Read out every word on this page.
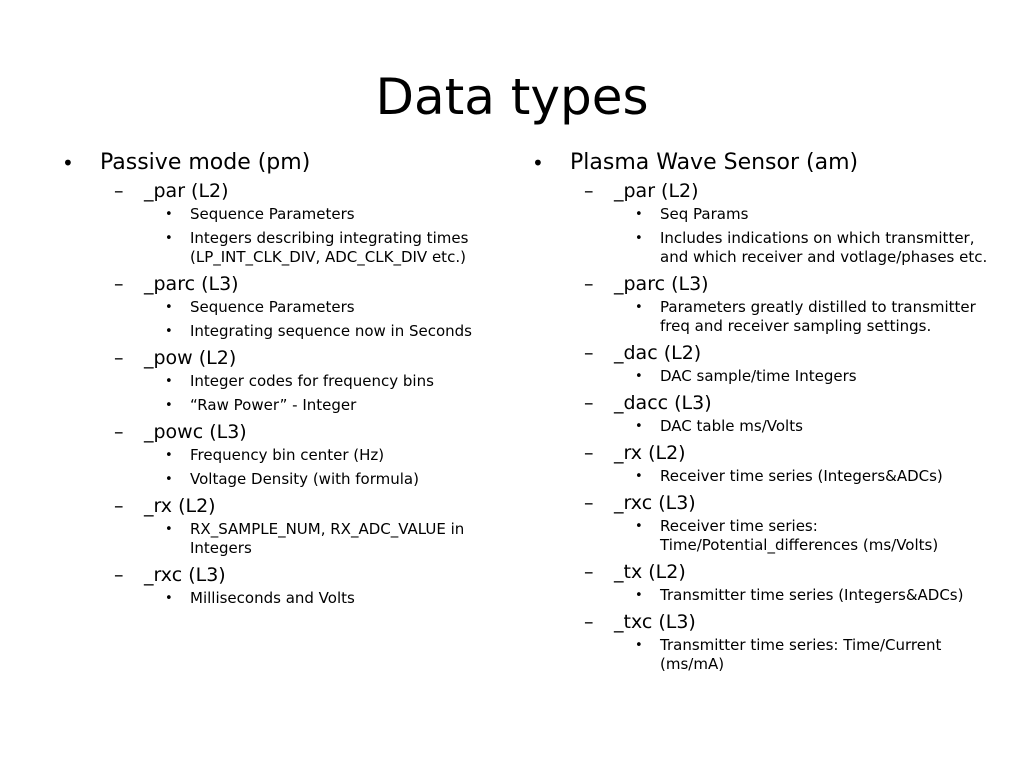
Data types
• Passive mode (pm)
– _par (L2)
• Sequence Parameters
• Integers describing integrating times (LP_INT_CLK_DIV, ADC_CLK_DIV etc.)
– _parc (L3)
• Sequence Parameters
• Integrating sequence now in Seconds
– _pow (L2)
• Integer codes for frequency bins
• “Raw Power” - Integer
– _powc (L3)
• Frequency bin center (Hz)
• Voltage Density (with formula)
– _rx (L2)
• RX_SAMPLE_NUM, RX_ADC_VALUE in Integers
– _rxc (L3)
• Milliseconds and Volts
• Plasma Wave Sensor (am)
– _par (L2)
• Seq Params
• Includes indications on which transmitter, and which receiver and votlage/phases etc.
– _parc (L3)
• Parameters greatly distilled to transmitter freq and receiver sampling settings.
– _dac (L2)
• DAC sample/time Integers
– _dacc (L3)
• DAC table ms/Volts
– _rx (L2)
• Receiver time series (Integers&ADCs)
– _rxc (L3)
• Receiver time series: Time/Potential_differences (ms/Volts)
– _tx (L2)
• Transmitter time series (Integers&ADCs)
– _txc (L3)
• Transmitter time series: Time/Current (ms/mA)
